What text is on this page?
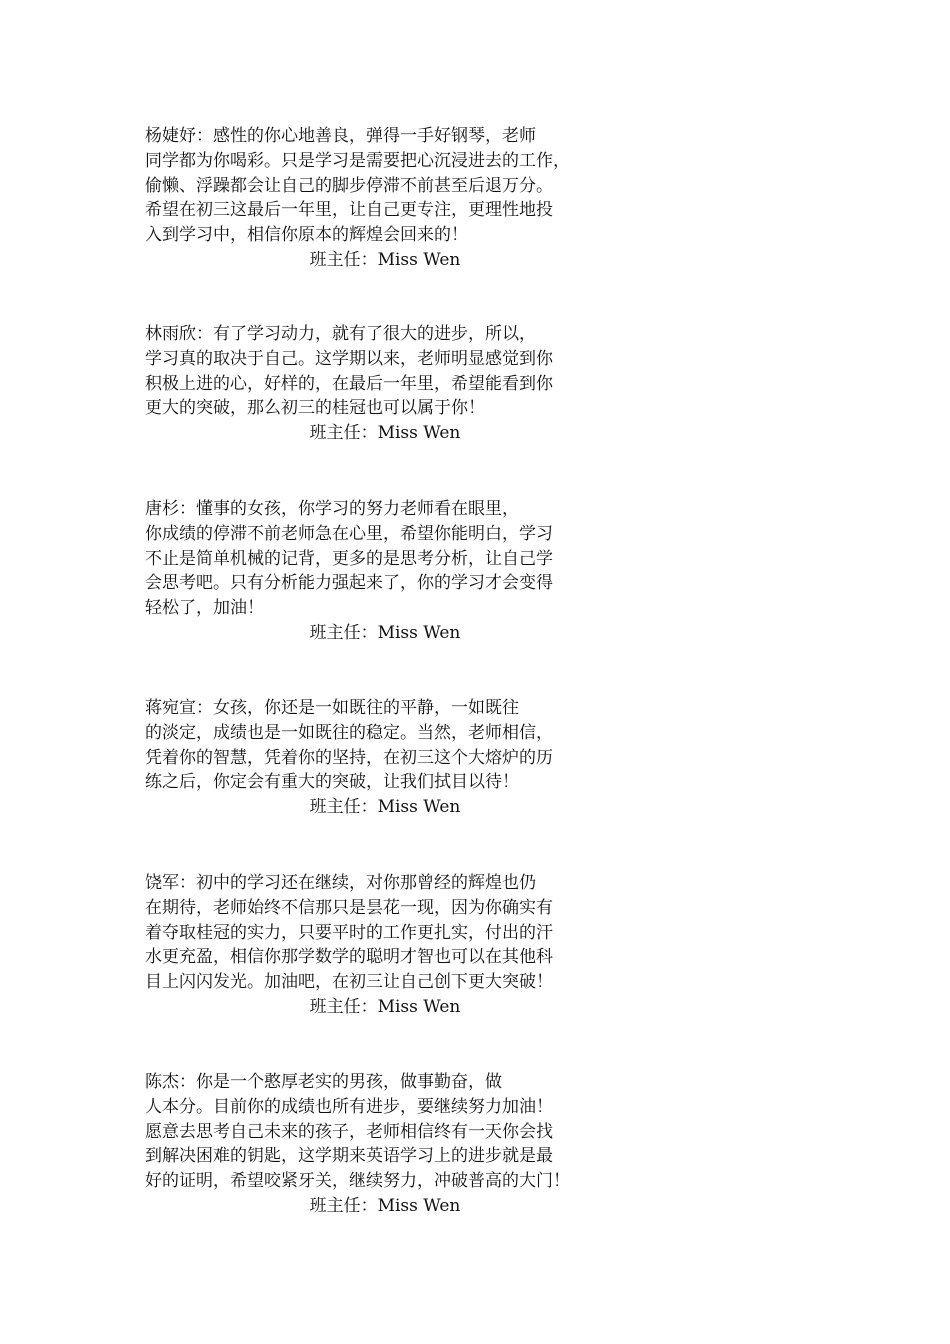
杨婕妤：感性的你心地善良，弹得一手好钢琴，老师
同学都为你喝彩。只是学习是需要把心沉浸进去的工作，
偷懒、浮躁都会让自己的脚步停滞不前甚至后退万分。
希望在初三这最后一年里，让自己更专注，更理性地投
入到学习中，相信你原本的辉煌会回来的！
班主任：Miss Wen
林雨欣：有了学习动力，就有了很大的进步，所以，
学习真的取决于自己。这学期以来，老师明显感觉到你
积极上进的心，好样的，在最后一年里，希望能看到你
更大的突破，那么初三的桂冠也可以属于你！
班主任：Miss Wen
唐杉：懂事的女孩，你学习的努力老师看在眼里，
你成绩的停滞不前老师急在心里，希望你能明白，学习
不止是简单机械的记背，更多的是思考分析，让自己学
会思考吧。只有分析能力强起来了，你的学习才会变得
轻松了，加油！
班主任：Miss Wen
蒋宛宣：女孩，你还是一如既往的平静，一如既往
的淡定，成绩也是一如既往的稳定。当然，老师相信，
凭着你的智慧，凭着你的坚持，在初三这个大熔炉的历
练之后，你定会有重大的突破，让我们拭目以待！
班主任：Miss Wen
饶军：初中的学习还在继续，对你那曾经的辉煌也仍
在期待，老师始终不信那只是昙花一现，因为你确实有
着夺取桂冠的实力，只要平时的工作更扎实，付出的汗
水更充盈，相信你那学数学的聪明才智也可以在其他科
目上闪闪发光。加油吧，在初三让自己创下更大突破！
班主任：Miss Wen
陈杰：你是一个憨厚老实的男孩，做事勤奋，做
人本分。目前你的成绩也所有进步，要继续努力加油！
愿意去思考自己未来的孩子，老师相信终有一天你会找
到解决困难的钥匙，这学期来英语学习上的进步就是最
好的证明，希望咬紧牙关，继续努力，冲破普高的大门！
班主任：Miss Wen
